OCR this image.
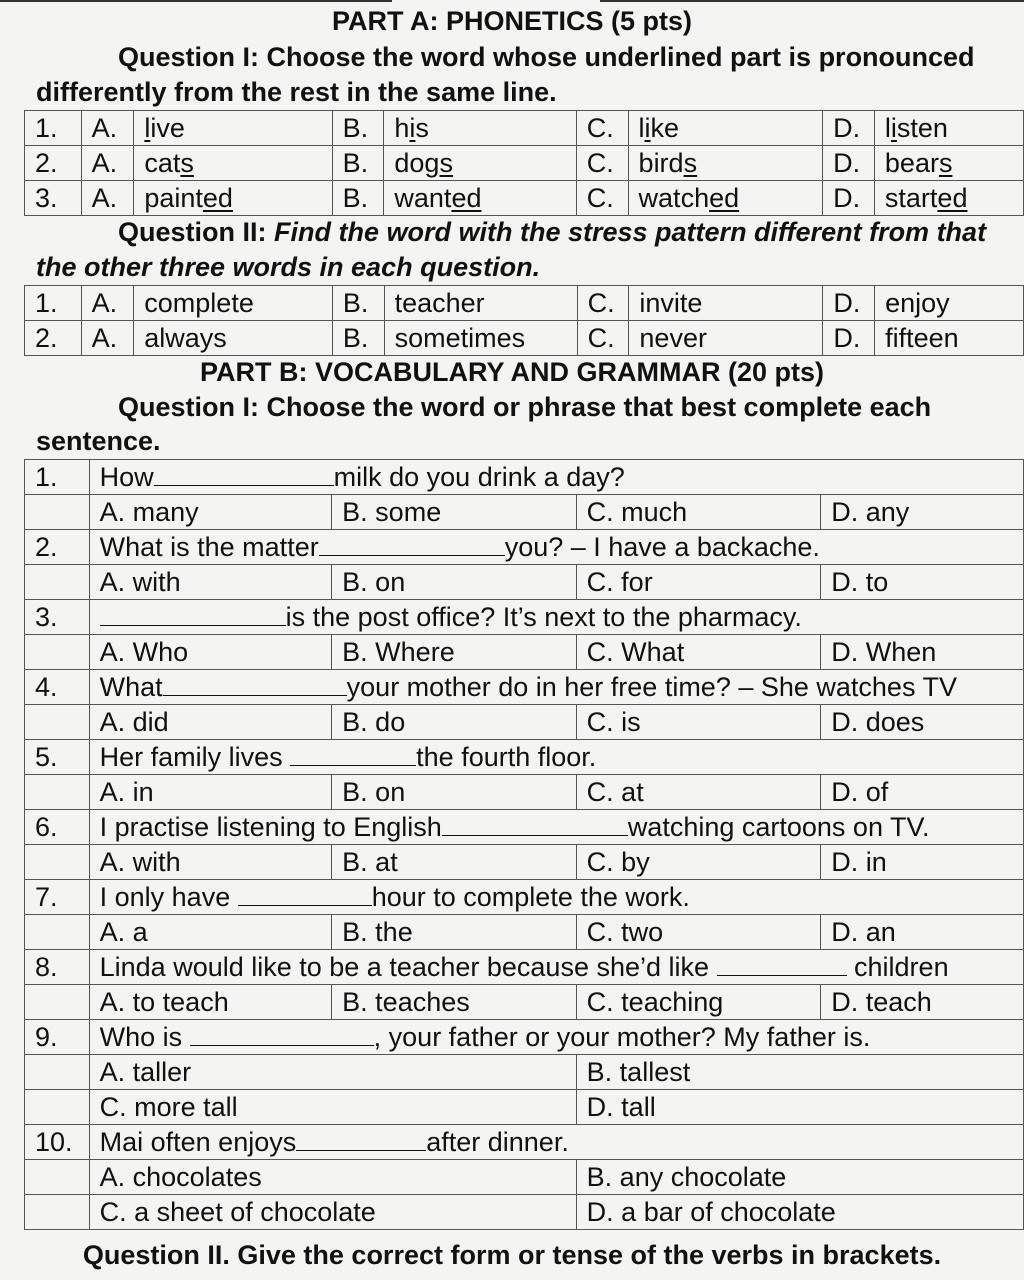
PART A: PHONETICS (5 pts)
Question I: Choose the word whose underlined part is pronounced
differently from the rest in the same line.
1.	A.	live	B.	his	C.	like	D.	listen
2.	A.	cats	B.	dogs	C.	birds	D.	bears
3.	A.	painted	B.	wanted	C.	watched	D.	started
Question II: Find the word with the stress pattern different from that
the other three words in each question.
1.	A.	complete	B.	teacher	C.	invite	D.	enjoy
2.	A.	always	B.	sometimes	C.	never	D.	fifteen
PART B: VOCABULARY AND GRAMMAR (20 pts)
Question I: Choose the word or phrase that best complete each
sentence.
1.	How milk do you drink a day?			
	A. many	B. some	C. much	D. any
2.	What is the matter you? – I have a backache.			
	A. with	B. on	C. for	D. to
3.	is the post office? It’s next to the pharmacy.			
	A. Who	B. Where	C. What	D. When
4.	What your mother do in her free time? – She watches TV			
	A. did	B. do	C. is	D. does
5.	Her family lives the fourth floor.			
	A. in	B. on	C. at	D. of
6.	I practise listening to English watching cartoons on TV.			
	A. with	B. at	C. by	D. in
7.	I only have hour to complete the work.			
	A. a	B. the	C. two	D. an
8.	Linda would like to be a teacher because she’d like children			
	A. to teach	B. teaches	C. teaching	D. teach
9.	Who is , your father or your mother? My father is.			
	A. taller		B. tallest	
	C. more tall		D. tall	
10.	Mai often enjoys after dinner.			
	A. chocolates		B. any chocolate	
	C. a sheet of chocolate		D. a bar of chocolate	
Question II. Give the correct form or tense of the verbs in brackets.
